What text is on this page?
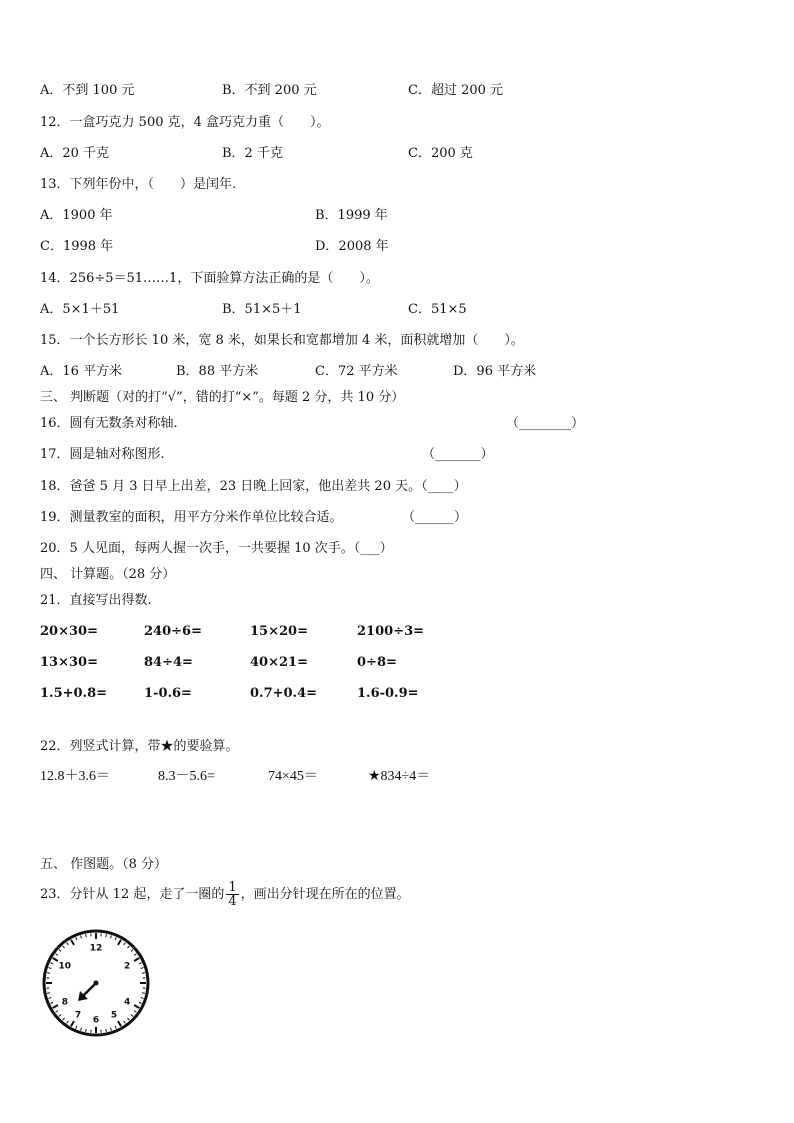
A．不到 100 元	B．不到 200 元	C．超过 200 元
12．一盒巧克力 500 克，4 盒巧克力重（　　）。
A．20 千克	B．2 千克	C．200 克
13．下列年份中，（　　）是闰年.
A．1900 年	B．1999 年
C．1998 年	D．2008 年
14．256÷5＝51……1，下面验算方法正确的是（　　）。
A．5×1＋51	B．51×5＋1	C．51×5
15．一个长方形长 10 米，宽 8 米，如果长和宽都增加 4 米，面积就增加（　　）。
A．16 平方米	B．88 平方米	C．72 平方米	D．96 平方米
三、 判断题（对的打“√”，错的打“×”。每题 2 分，共 10 分）
16．圆有无数条对称轴.	（________）
17．圆是轴对称图形.	（_______）
18．爸爸 5 月 3 日早上出差，23 日晚上回家，他出差共 20 天。（____）
19．测量教室的面积，用平方分米作单位比较合适。	（______）
20．5 人见面，每两人握一次手，一共要握 10 次手。（___）
四、 计算题。（28 分）
21．直接写出得数.
20×30=	240÷6=	15×20=	2100÷3=
13×30=	84÷4=	40×21=	0÷8=
1.5+0.8=	1-0.6=	0.7+0.4=	1.6-0.9=
22．列竖式计算，带★的要验算。
12.8＋3.6＝	8.3－5.6=	74×45＝	★834÷4＝
五、 作图题。（8 分）
23．分针从 12 起，走了一圈的 $\frac{1}{4}$ ，画出分针现在所在的位置。
12
2
4
5
6
7
8
10
